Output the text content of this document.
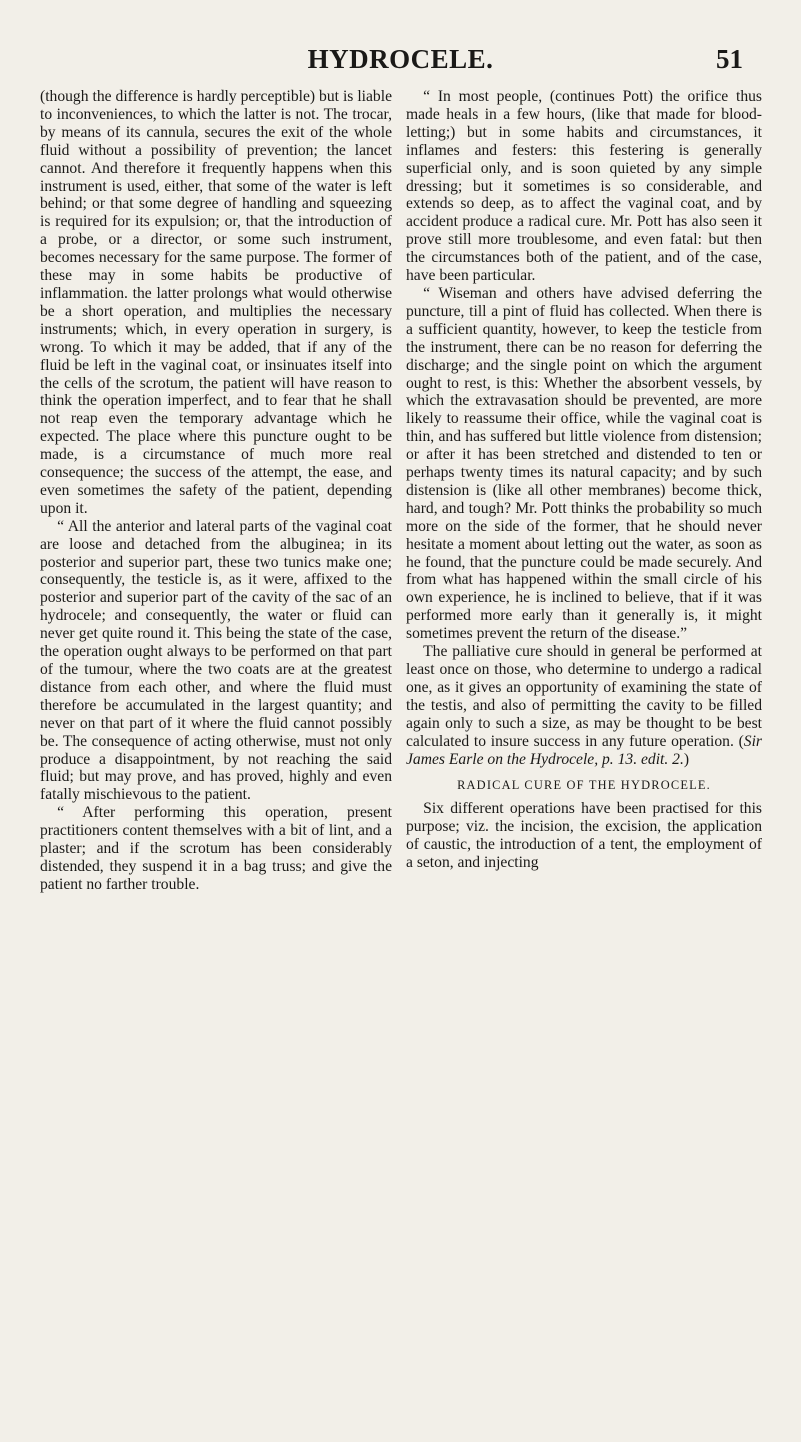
HYDROCELE.	51

(though the difference is hardly perceptible) but is liable to inconveniences, to which the latter is not. The trocar, by means of its cannula, secures the exit of the whole fluid without a possibility of prevention; the lancet cannot. And therefore it frequently happens when this instrument is used, either, that some of the water is left behind; or that some degree of handling and squeezing is required for its expulsion; or, that the introduction of a probe, or a director, or some such instrument, becomes necessary for the same purpose. The former of these may in some habits be productive of inflammation. the latter prolongs what would otherwise be a short operation, and multiplies the necessary instruments; which, in every operation in surgery, is wrong. To which it may be added, that if any of the fluid be left in the vaginal coat, or insinuates itself into the cells of the scrotum, the patient will have reason to think the operation imperfect, and to fear that he shall not reap even the temporary advantage which he expected. The place where this puncture ought to be made, is a circumstance of much more real consequence; the success of the attempt, the ease, and even sometimes the safety of the patient, depending upon it.

“ All the anterior and lateral parts of the vaginal coat are loose and detached from the albuginea; in its posterior and superior part, these two tunics make one; consequently, the testicle is, as it were, affixed to the posterior and superior part of the cavity of the sac of an hydrocele; and consequently, the water or fluid can never get quite round it. This being the state of the case, the operation ought always to be performed on that part of the tumour, where the two coats are at the greatest distance from each other, and where the fluid must therefore be accumulated in the largest quantity; and never on that part of it where the fluid cannot possibly be. The consequence of acting otherwise, must not only produce a disappointment, by not reaching the said fluid; but may prove, and has proved, highly and even fatally mischievous to the patient.

“ After performing this operation, present practitioners content themselves with a bit of lint, and a plaster; and if the scrotum has been considerably distended, they suspend it in a bag truss; and give the patient no farther trouble.

“ In most people, (continues Pott) the orifice thus made heals in a few hours, (like that made for blood-letting;) but in some habits and circumstances, it inflames and festers: this festering is generally superficial only, and is soon quieted by any simple dressing; but it sometimes is so considerable, and extends so deep, as to affect the vaginal coat, and by accident produce a radical cure. Mr. Pott has also seen it prove still more troublesome, and even fatal: but then the circumstances both of the patient, and of the case, have been particular.

“ Wiseman and others have advised deferring the puncture, till a pint of fluid has collected. When there is a sufficient quantity, however, to keep the testicle from the instrument, there can be no reason for deferring the discharge; and the single point on which the argument ought to rest, is this: Whether the absorbent vessels, by which the extravasation should be prevented, are more likely to reassume their office, while the vaginal coat is thin, and has suffered but little violence from distension; or after it has been stretched and distended to ten or perhaps twenty times its natural capacity; and by such distension is (like all other membranes) become thick, hard, and tough? Mr. Pott thinks the probability so much more on the side of the former, that he should never hesitate a moment about letting out the water, as soon as he found, that the puncture could be made securely. And from what has happened within the small circle of his own experience, he is inclined to believe, that if it was performed more early than it generally is, it might sometimes prevent the return of the disease.”

The palliative cure should in general be performed at least once on those, who determine to undergo a radical one, as it gives an opportunity of examining the state of the testis, and also of permitting the cavity to be filled again only to such a size, as may be thought to be best calculated to insure success in any future operation. (Sir James Earle on the Hydrocele, p. 13. edit. 2.)

RADICAL CURE OF THE HYDROCELE.

Six different operations have been practised for this purpose; viz. the incision, the excision, the application of caustic, the introduction of a tent, the employment of a seton, and injecting
